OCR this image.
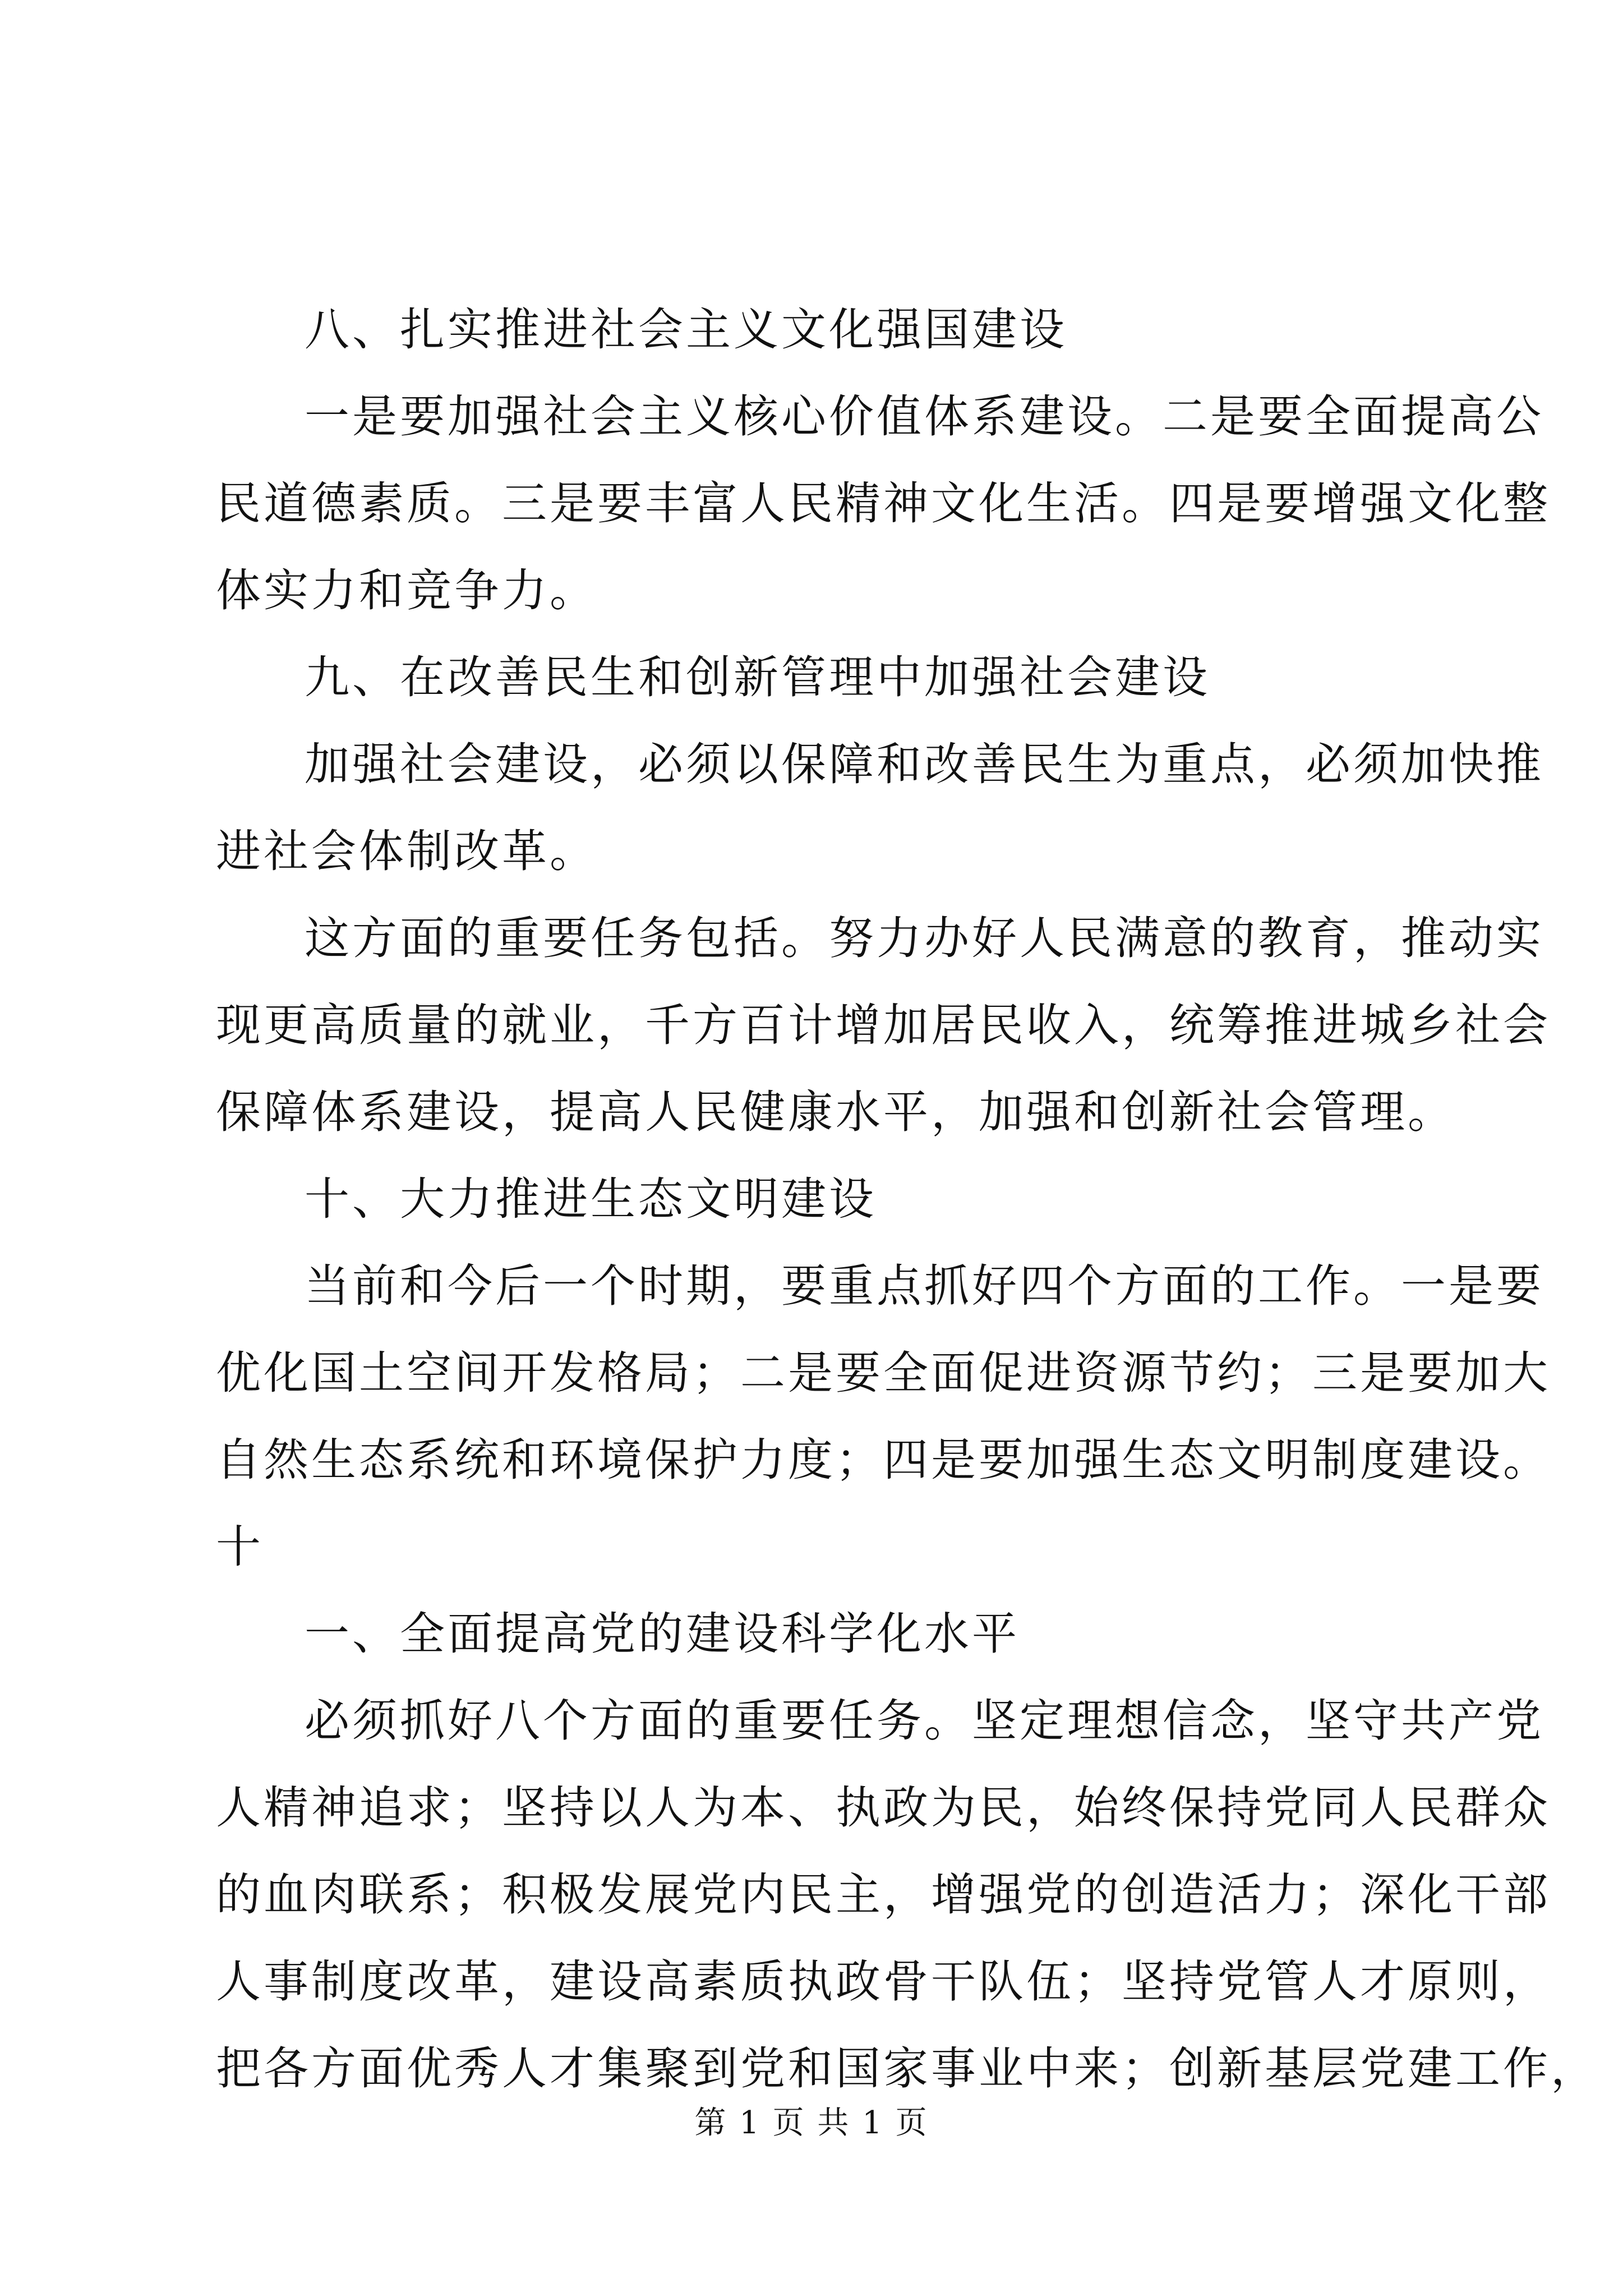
八、扎实推进社会主义文化强国建设
一是要加强社会主义核心价值体系建设。二是要全面提高公
民道德素质。三是要丰富人民精神文化生活。四是要增强文化整
体实力和竞争力。
九、在改善民生和创新管理中加强社会建设
加强社会建设，必须以保障和改善民生为重点，必须加快推
进社会体制改革。
这方面的重要任务包括。努力办好人民满意的教育，推动实
现更高质量的就业，千方百计增加居民收入，统筹推进城乡社会
保障体系建设，提高人民健康水平，加强和创新社会管理。
十、大力推进生态文明建设
当前和今后一个时期，要重点抓好四个方面的工作。一是要
优化国土空间开发格局；二是要全面促进资源节约；三是要加大
自然生态系统和环境保护力度；四是要加强生态文明制度建设。
十
一、全面提高党的建设科学化水平
必须抓好八个方面的重要任务。坚定理想信念，坚守共产党
人精神追求；坚持以人为本、执政为民，始终保持党同人民群众
的血肉联系；积极发展党内民主，增强党的创造活力；深化干部
人事制度改革，建设高素质执政骨干队伍；坚持党管人才原则，
把各方面优秀人才集聚到党和国家事业中来；创新基层党建工作，
第 1 页 共 1 页
